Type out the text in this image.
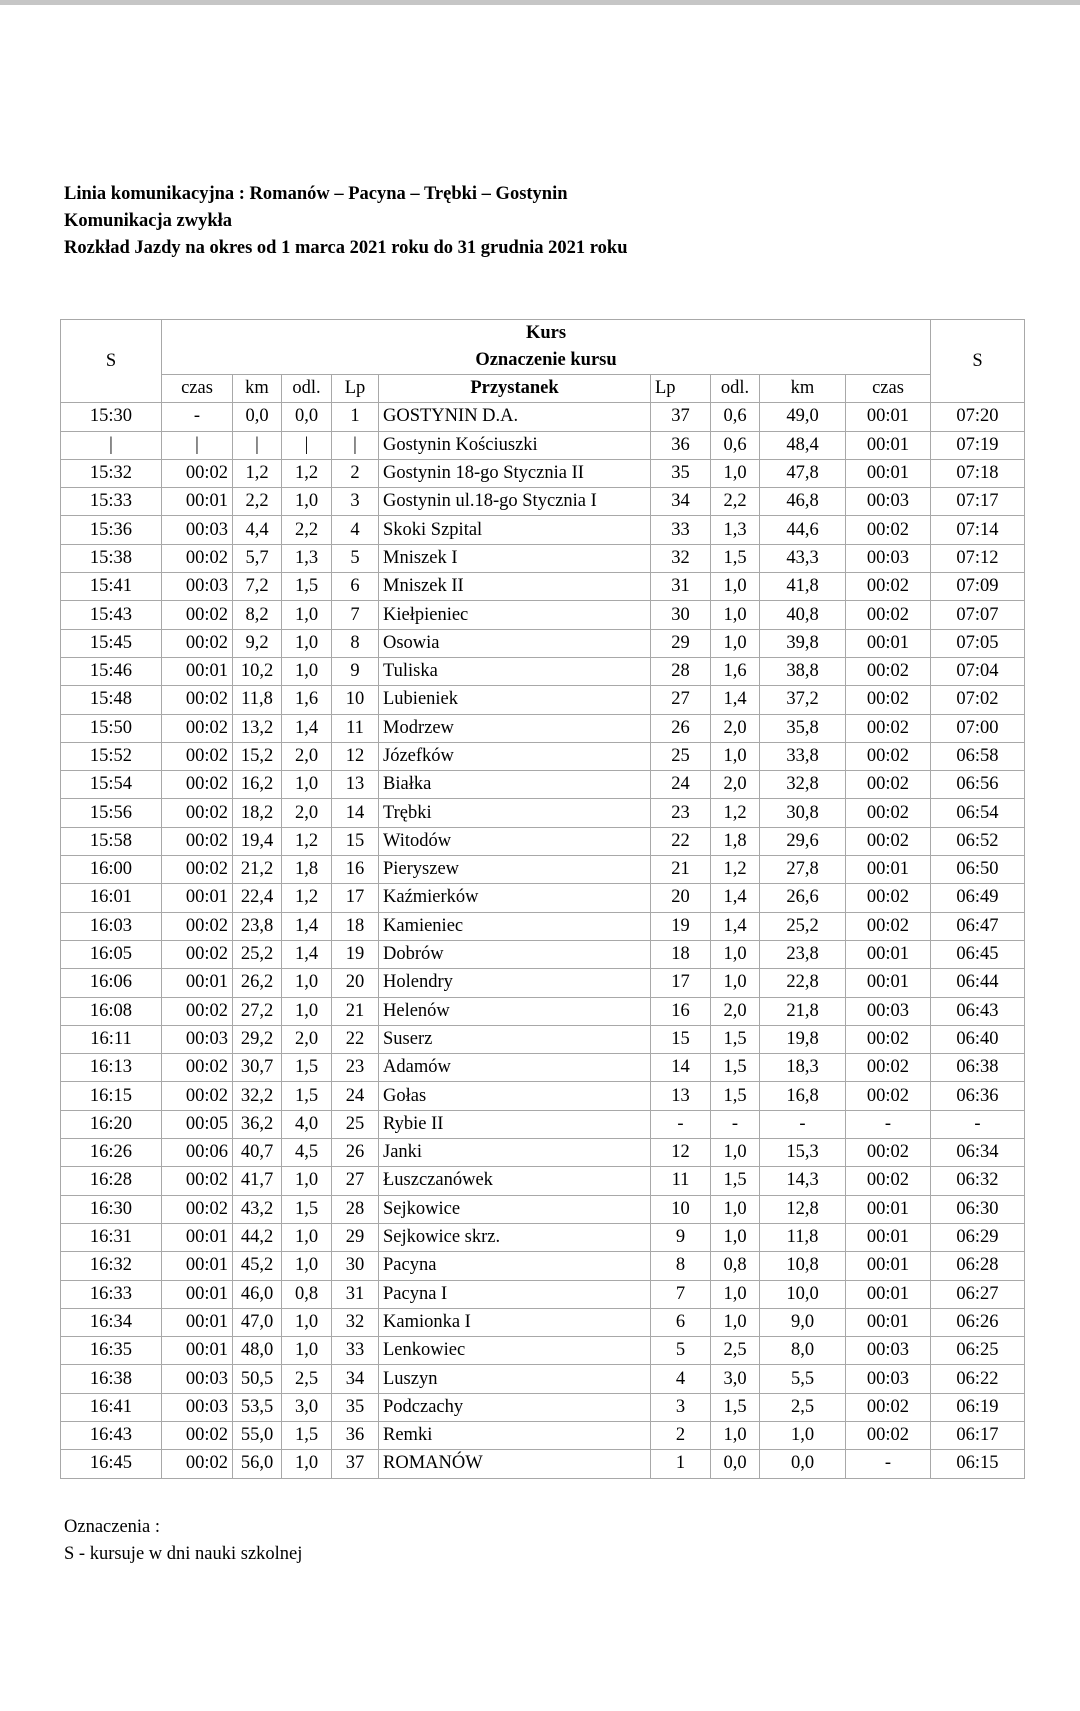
Linia komunikacyjna : Romanów – Pacyna – Trębki – Gostynin
Komunikacja zwykła
Rozkład Jazdy na okres od 1 marca 2021 roku do 31 grudnia 2021 roku
S	Kurs
Oznaczenie kursu									S
	czas	km	odl.	Lp	Przystanek	Lp	odl.	km	czas	
15:30	-	0,0	0,0	1	GOSTYNIN D.A.	37	0,6	49,0	00:01	07:20
|	|	|	|	|	Gostynin Kościuszki	36	0,6	48,4	00:01	07:19
15:32	00:02	1,2	1,2	2	Gostynin 18-go Stycznia II	35	1,0	47,8	00:01	07:18
15:33	00:01	2,2	1,0	3	Gostynin ul.18-go Stycznia I	34	2,2	46,8	00:03	07:17
15:36	00:03	4,4	2,2	4	Skoki Szpital	33	1,3	44,6	00:02	07:14
15:38	00:02	5,7	1,3	5	Mniszek I	32	1,5	43,3	00:03	07:12
15:41	00:03	7,2	1,5	6	Mniszek II	31	1,0	41,8	00:02	07:09
15:43	00:02	8,2	1,0	7	Kiełpieniec	30	1,0	40,8	00:02	07:07
15:45	00:02	9,2	1,0	8	Osowia	29	1,0	39,8	00:01	07:05
15:46	00:01	10,2	1,0	9	Tuliska	28	1,6	38,8	00:02	07:04
15:48	00:02	11,8	1,6	10	Lubieniek	27	1,4	37,2	00:02	07:02
15:50	00:02	13,2	1,4	11	Modrzew	26	2,0	35,8	00:02	07:00
15:52	00:02	15,2	2,0	12	Józefków	25	1,0	33,8	00:02	06:58
15:54	00:02	16,2	1,0	13	Białka	24	2,0	32,8	00:02	06:56
15:56	00:02	18,2	2,0	14	Trębki	23	1,2	30,8	00:02	06:54
15:58	00:02	19,4	1,2	15	Witodów	22	1,8	29,6	00:02	06:52
16:00	00:02	21,2	1,8	16	Pieryszew	21	1,2	27,8	00:01	06:50
16:01	00:01	22,4	1,2	17	Kaźmierków	20	1,4	26,6	00:02	06:49
16:03	00:02	23,8	1,4	18	Kamieniec	19	1,4	25,2	00:02	06:47
16:05	00:02	25,2	1,4	19	Dobrów	18	1,0	23,8	00:01	06:45
16:06	00:01	26,2	1,0	20	Holendry	17	1,0	22,8	00:01	06:44
16:08	00:02	27,2	1,0	21	Helenów	16	2,0	21,8	00:03	06:43
16:11	00:03	29,2	2,0	22	Suserz	15	1,5	19,8	00:02	06:40
16:13	00:02	30,7	1,5	23	Adamów	14	1,5	18,3	00:02	06:38
16:15	00:02	32,2	1,5	24	Gołas	13	1,5	16,8	00:02	06:36
16:20	00:05	36,2	4,0	25	Rybie II	-	-	-	-	-
16:26	00:06	40,7	4,5	26	Janki	12	1,0	15,3	00:02	06:34
16:28	00:02	41,7	1,0	27	Łuszczanówek	11	1,5	14,3	00:02	06:32
16:30	00:02	43,2	1,5	28	Sejkowice	10	1,0	12,8	00:01	06:30
16:31	00:01	44,2	1,0	29	Sejkowice skrz.	9	1,0	11,8	00:01	06:29
16:32	00:01	45,2	1,0	30	Pacyna	8	0,8	10,8	00:01	06:28
16:33	00:01	46,0	0,8	31	Pacyna I	7	1,0	10,0	00:01	06:27
16:34	00:01	47,0	1,0	32	Kamionka I	6	1,0	9,0	00:01	06:26
16:35	00:01	48,0	1,0	33	Lenkowiec	5	2,5	8,0	00:03	06:25
16:38	00:03	50,5	2,5	34	Luszyn	4	3,0	5,5	00:03	06:22
16:41	00:03	53,5	3,0	35	Podczachy	3	1,5	2,5	00:02	06:19
16:43	00:02	55,0	1,5	36	Remki	2	1,0	1,0	00:02	06:17
16:45	00:02	56,0	1,0	37	ROMANÓW	1	0,0	0,0	-	06:15
Oznaczenia :
S - kursuje w dni nauki szkolnej
